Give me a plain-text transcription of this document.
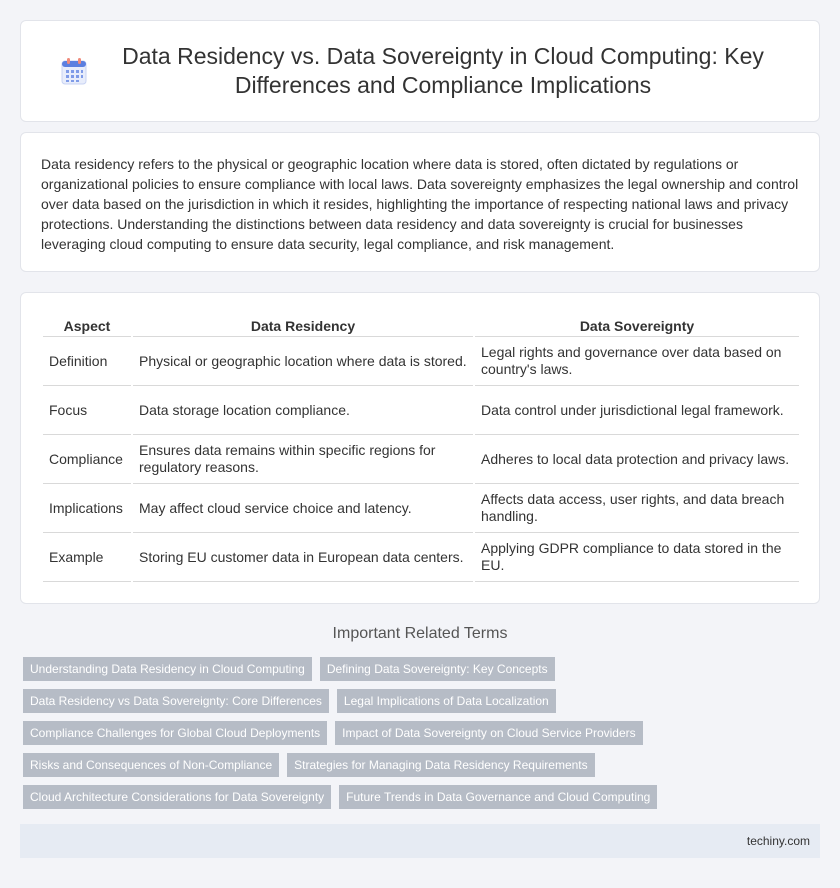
Data Residency vs. Data Sovereignty in Cloud Computing: Key Differences and Compliance Implications

Data residency refers to the physical or geographic location where data is stored, often dictated by regulations or organizational policies to ensure compliance with local laws. Data sovereignty emphasizes the legal ownership and control over data based on the jurisdiction in which it resides, highlighting the importance of respecting national laws and privacy protections. Understanding the distinctions between data residency and data sovereignty is crucial for businesses leveraging cloud computing to ensure data security, legal compliance, and risk management.

Aspect	Data Residency	Data Sovereignty
Definition	Physical or geographic location where data is stored.	Legal rights and governance over data based on country's laws.
Focus	Data storage location compliance.	Data control under jurisdictional legal framework.
Compliance	Ensures data remains within specific regions for regulatory reasons.	Adheres to local data protection and privacy laws.
Implications	May affect cloud service choice and latency.	Affects data access, user rights, and data breach handling.
Example	Storing EU customer data in European data centers.	Applying GDPR compliance to data stored in the EU.
Important Related Terms
Understanding Data Residency in Cloud Computing	Defining Data Sovereignty: Key Concepts
Data Residency vs Data Sovereignty: Core Differences	Legal Implications of Data Localization
Compliance Challenges for Global Cloud Deployments	Impact of Data Sovereignty on Cloud Service Providers
Risks and Consequences of Non-Compliance	Strategies for Managing Data Residency Requirements
Cloud Architecture Considerations for Data Sovereignty	Future Trends in Data Governance and Cloud Computing
techiny.com
